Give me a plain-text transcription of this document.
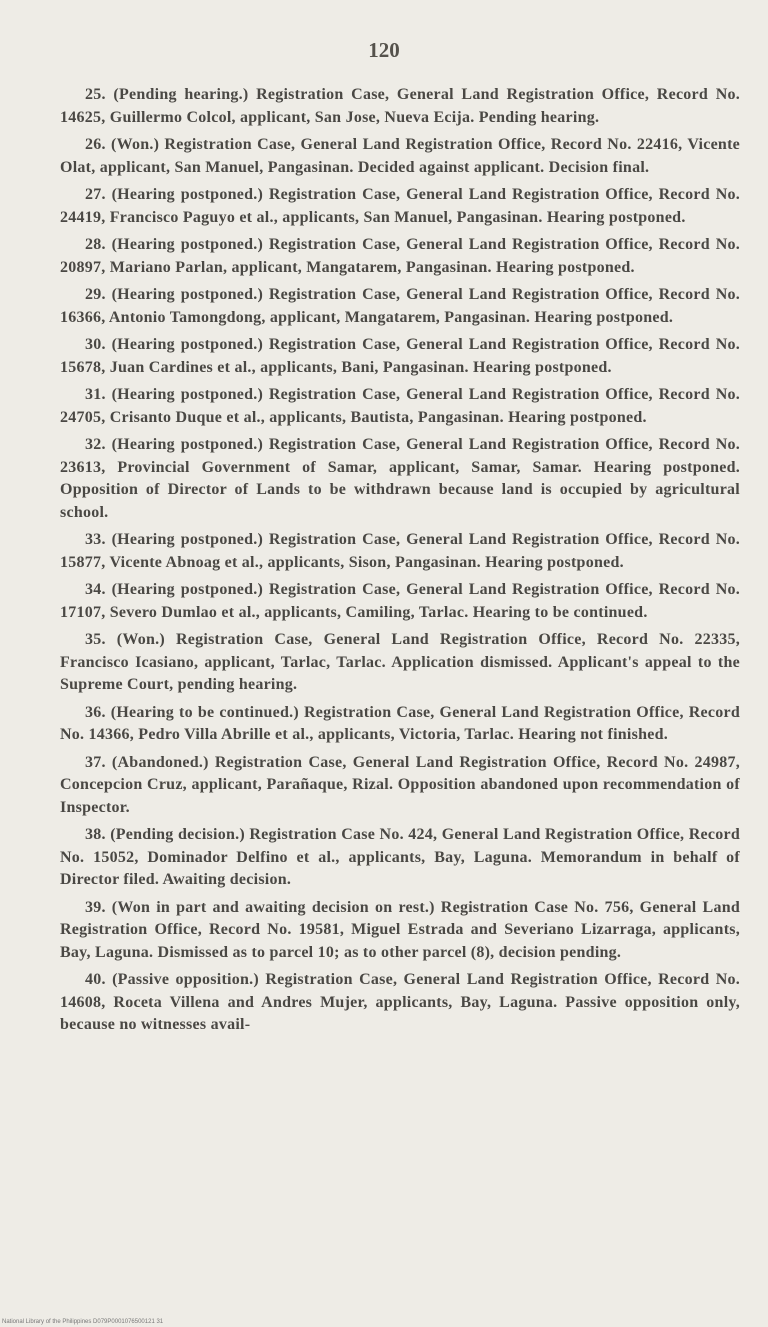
120

25. (Pending hearing.) Registration Case, General Land Registration Office, Record No. 14625, Guillermo Colcol, applicant, San Jose, Nueva Ecija. Pending hearing.

26. (Won.) Registration Case, General Land Registration Office, Record No. 22416, Vicente Olat, applicant, San Manuel, Pangasinan. Decided against applicant. Decision final.

27. (Hearing postponed.) Registration Case, General Land Registration Office, Record No. 24419, Francisco Paguyo et al., applicants, San Manuel, Pangasinan. Hearing postponed.

28. (Hearing postponed.) Registration Case, General Land Registration Office, Record No. 20897, Mariano Parlan, applicant, Mangatarem, Pangasinan. Hearing postponed.

29. (Hearing postponed.) Registration Case, General Land Registration Office, Record No. 16366, Antonio Tamongdong, applicant, Mangatarem, Pangasinan. Hearing postponed.

30. (Hearing postponed.) Registration Case, General Land Registration Office, Record No. 15678, Juan Cardines et al., applicants, Bani, Pangasinan. Hearing postponed.

31. (Hearing postponed.) Registration Case, General Land Registration Office, Record No. 24705, Crisanto Duque et al., applicants, Bautista, Pangasinan. Hearing postponed.

32. (Hearing postponed.) Registration Case, General Land Registration Office, Record No. 23613, Provincial Government of Samar, applicant, Samar, Samar. Hearing postponed. Opposition of Director of Lands to be withdrawn because land is occupied by agricultural school.

33. (Hearing postponed.) Registration Case, General Land Registration Office, Record No. 15877, Vicente Abnoag et al., applicants, Sison, Pangasinan. Hearing postponed.

34. (Hearing postponed.) Registration Case, General Land Registration Office, Record No. 17107, Severo Dumlao et al., applicants, Camiling, Tarlac. Hearing to be continued.

35. (Won.) Registration Case, General Land Registration Office, Record No. 22335, Francisco Icasiano, applicant, Tarlac, Tarlac. Application dismissed. Applicant's appeal to the Supreme Court, pending hearing.

36. (Hearing to be continued.) Registration Case, General Land Registration Office, Record No. 14366, Pedro Villa Abrille et al., applicants, Victoria, Tarlac. Hearing not finished.

37. (Abandoned.) Registration Case, General Land Registration Office, Record No. 24987, Concepcion Cruz, applicant, Parañaque, Rizal. Opposition abandoned upon recommendation of Inspector.

38. (Pending decision.) Registration Case No. 424, General Land Registration Office, Record No. 15052, Dominador Delfino et al., applicants, Bay, Laguna. Memorandum in behalf of Director filed. Awaiting decision.

39. (Won in part and awaiting decision on rest.) Registration Case No. 756, General Land Registration Office, Record No. 19581, Miguel Estrada and Severiano Lizarraga, applicants, Bay, Laguna. Dismissed as to parcel 10; as to other parcel (8), decision pending.

40. (Passive opposition.) Registration Case, General Land Registration Office, Record No. 14608, Roceta Villena and Andres Mujer, applicants, Bay, Laguna. Passive opposition only, because no witnesses avail-

National Library of the Philippines D079P0001076500121 31
